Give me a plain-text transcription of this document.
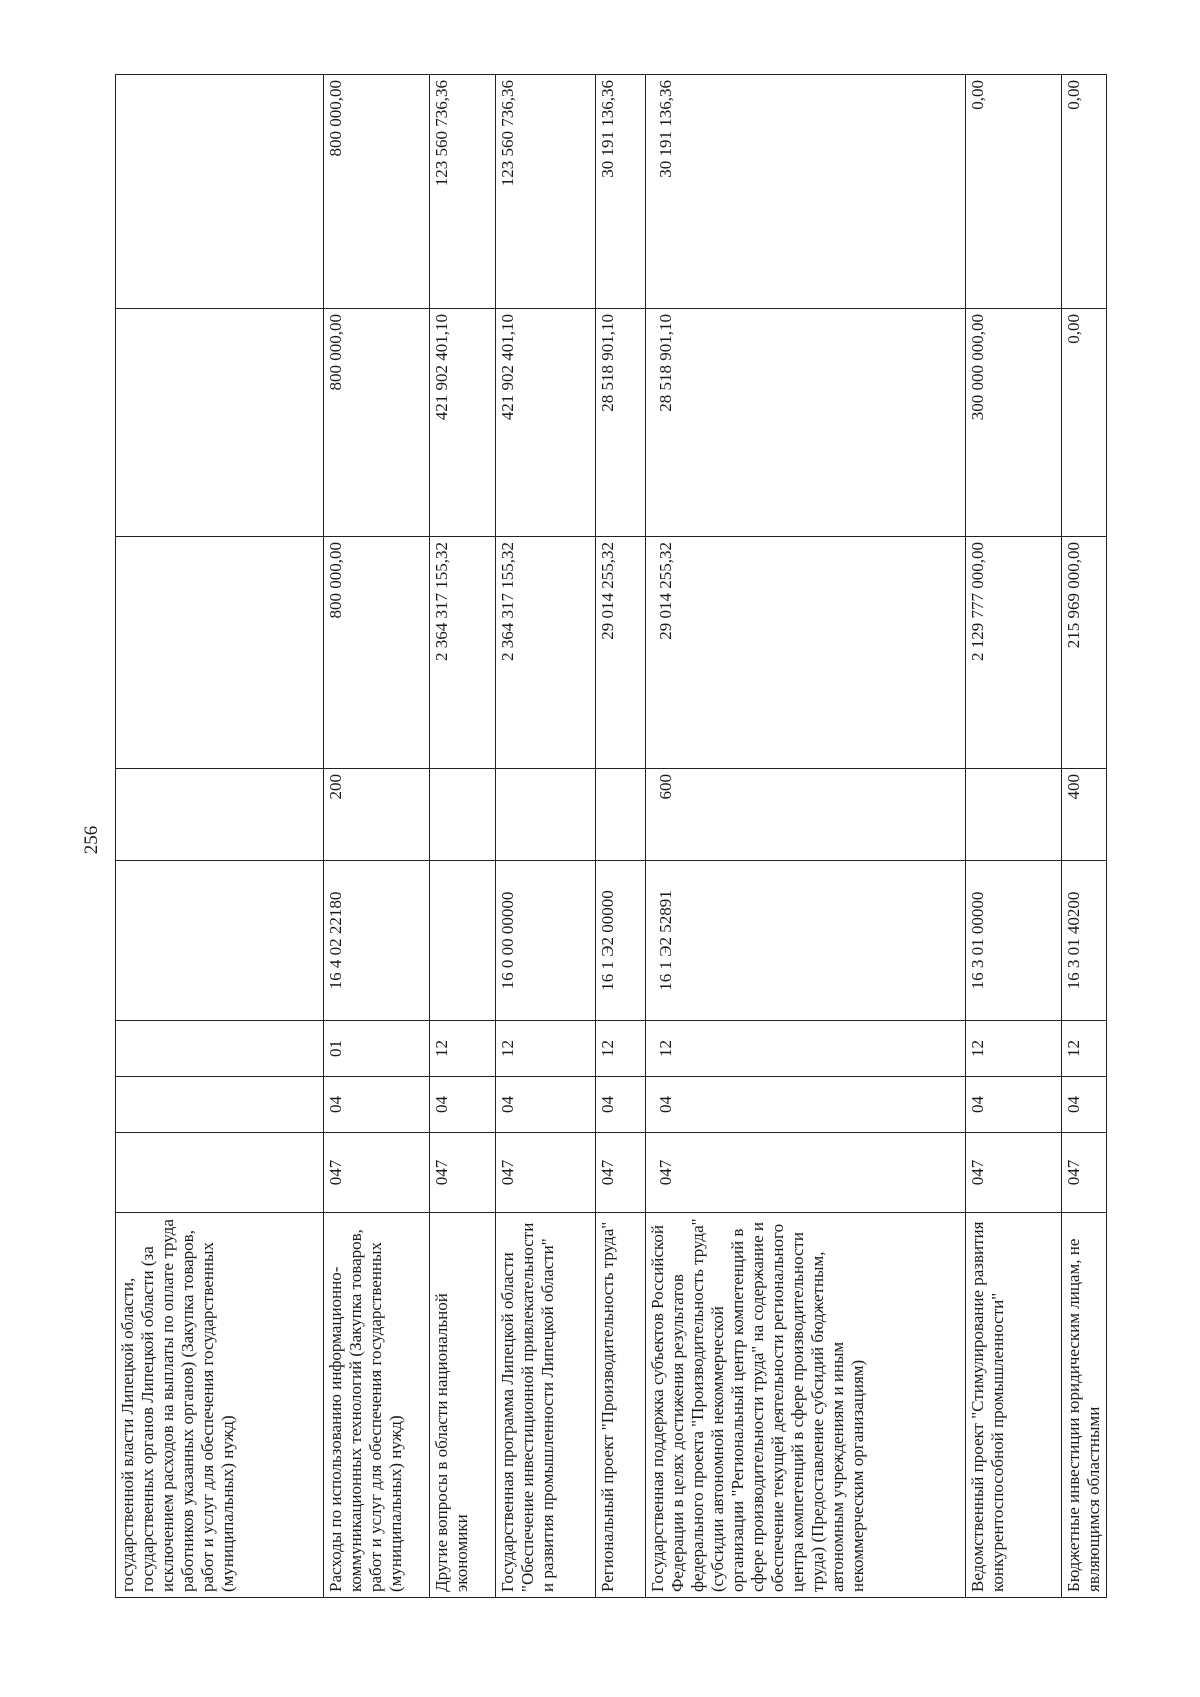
256
государственной власти Липецкой области, государственных органов Липецкой области (за исключением расходов на выплаты по оплате труда работников указанных органов) (Закупка товаров, работ и услуг для обеспечения государственных (муниципальных) нужд)								
Расходы по использованию информационно-коммуникационных технологий (Закупка товаров, работ и услуг для обеспечения государственных (муниципальных) нужд)	047	04	01	16 4 02 22180	200	800 000,00	800 000,00	800 000,00
Другие вопросы в области национальной экономики	047	04	12			2 364 317 155,32	421 902 401,10	123 560 736,36
Государственная программа Липецкой области "Обеспечение инвестиционной привлекательности и развития промышленности Липецкой области"	047	04	12	16 0 00 00000		2 364 317 155,32	421 902 401,10	123 560 736,36
Региональный проект "Производительность труда"	047	04	12	16 1 Э2 00000		29 014 255,32	28 518 901,10	30 191 136,36
Государственная поддержка субъектов Российской Федерации в целях достижения результатов федерального проекта "Производительность труда" (субсидии автономной некоммерческой организации "Региональный центр компетенций в сфере производительности труда" на содержание и обеспечение текущей деятельности регионального центра компетенций в сфере производительности труда) (Предоставление субсидий бюджетным, автономным учреждениям и иным некоммерческим организациям)	047	04	12	16 1 Э2 52891	600	29 014 255,32	28 518 901,10	30 191 136,36
Ведомственный проект "Стимулирование развития конкурентоспособной промышленности"	047	04	12	16 3 01 00000		2 129 777 000,00	300 000 000,00	0,00
Бюджетные инвестиции юридическим лицам, не являющимся областными	047	04	12	16 3 01 40200	400	215 969 000,00	0,00	0,00
